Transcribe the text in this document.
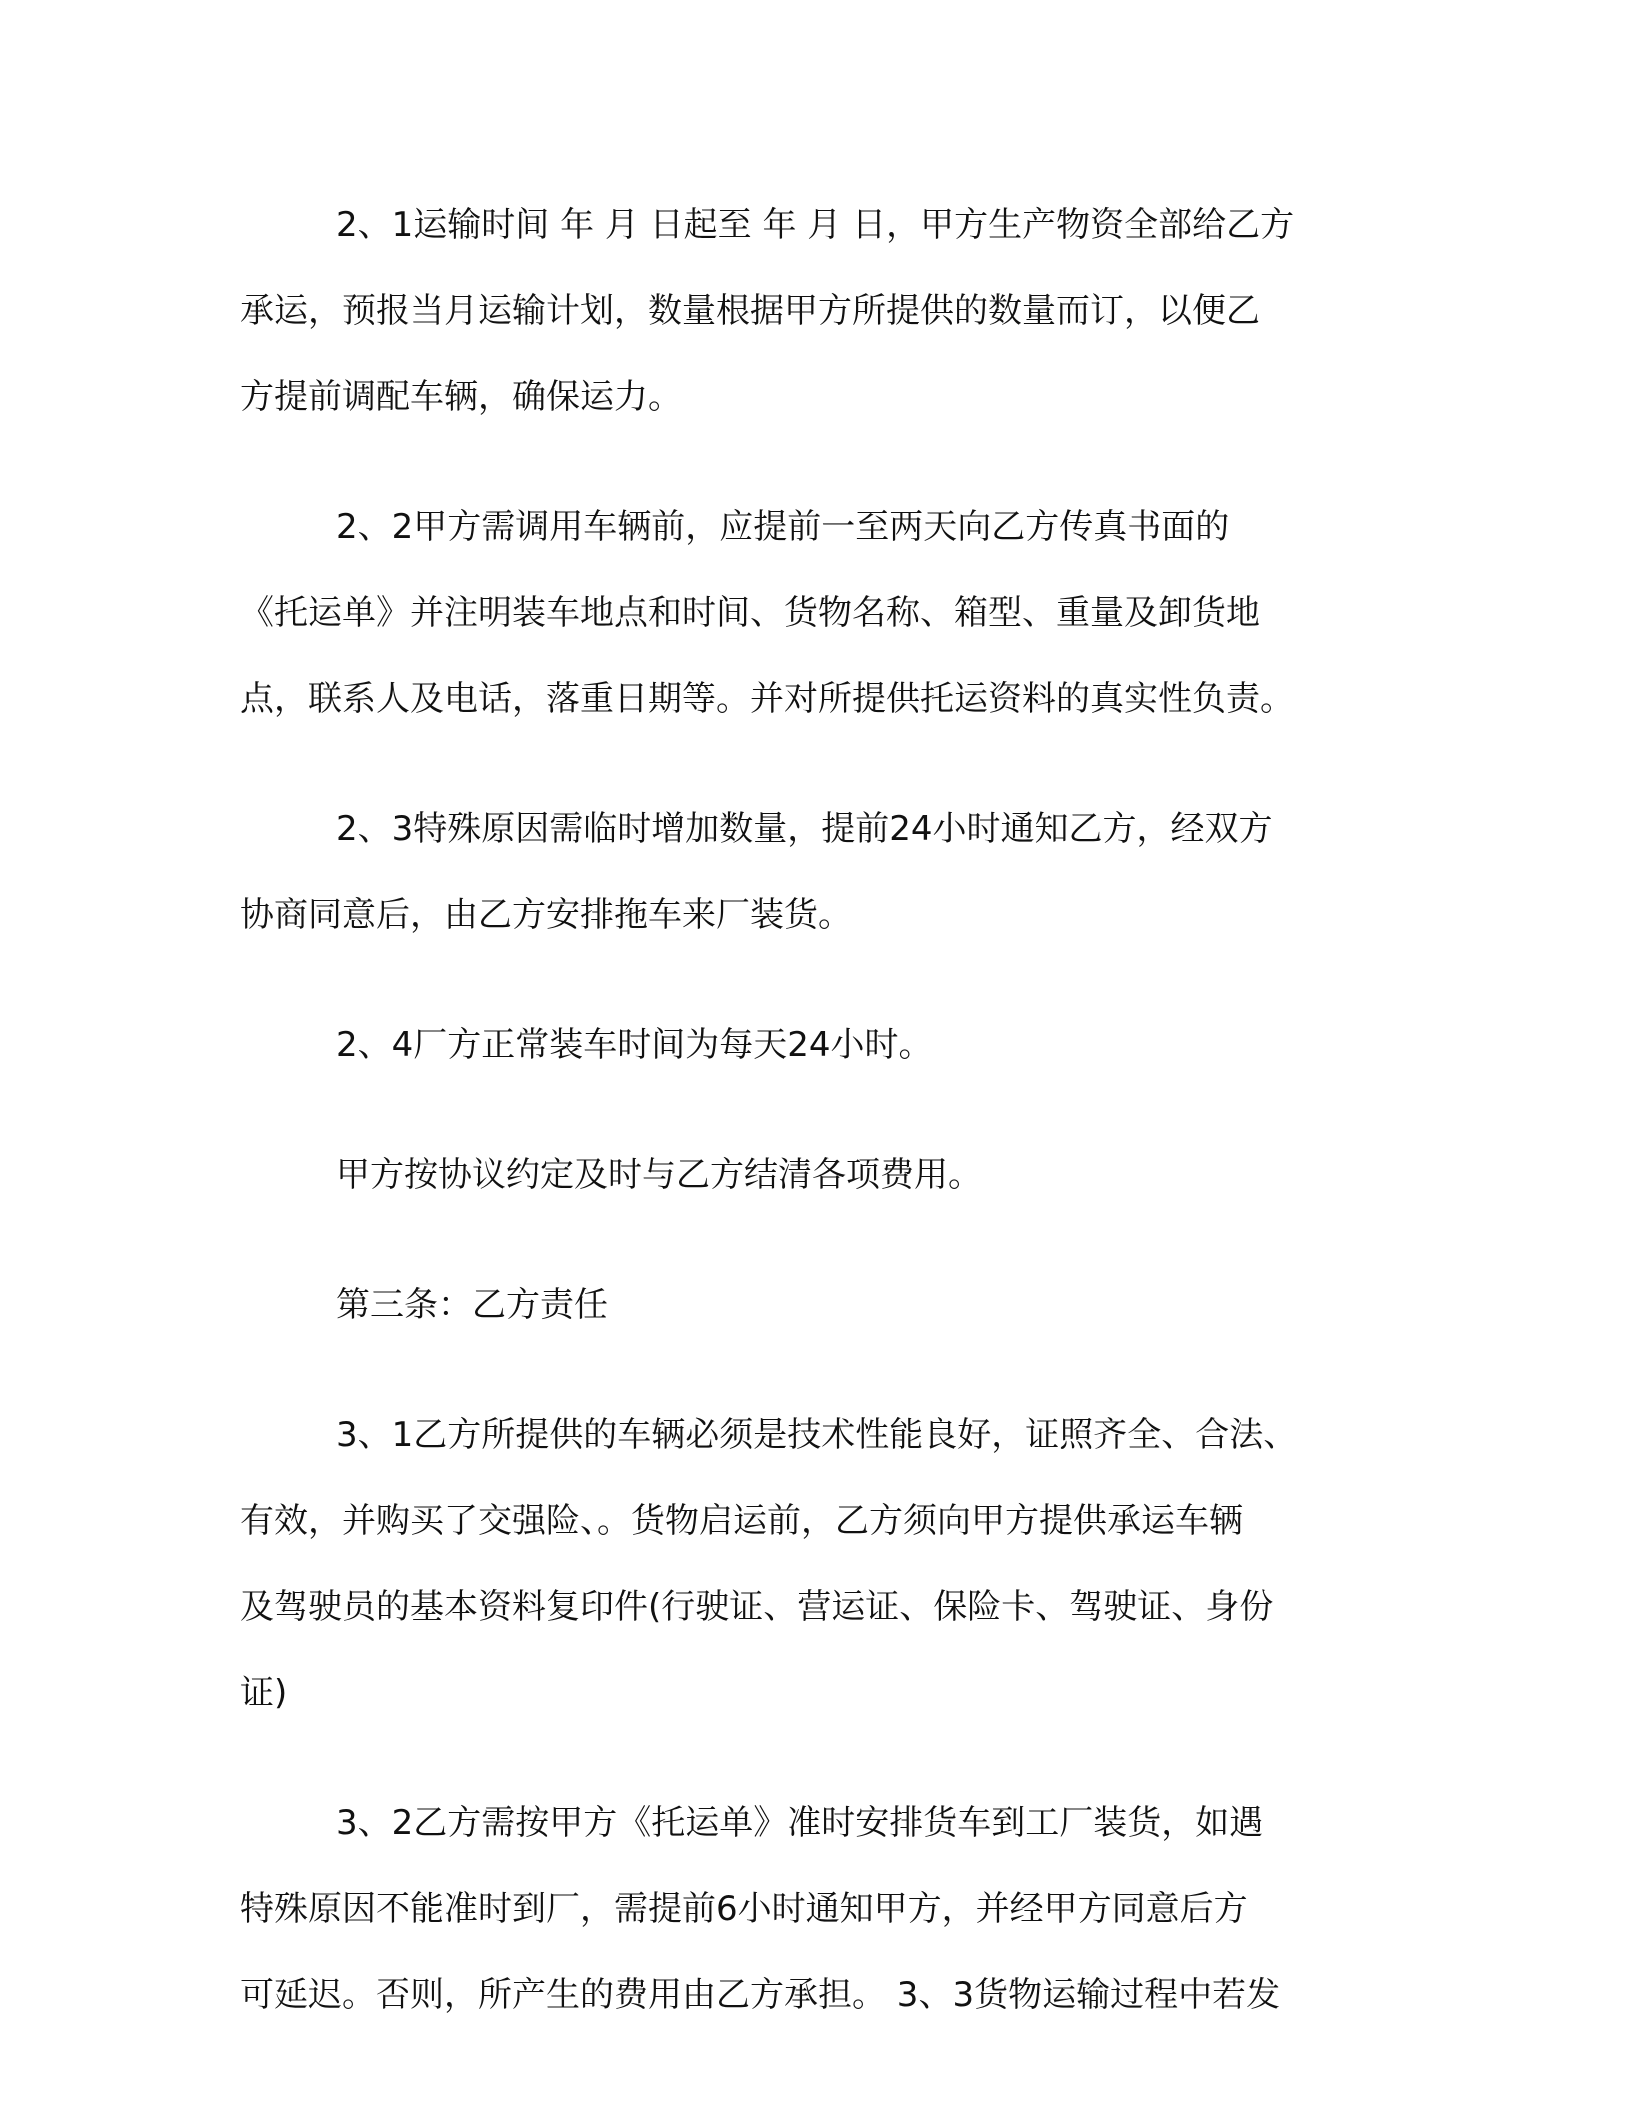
2、1运输时间 年 月 日起至 年 月 日，甲方生产物资全部给乙方
承运，预报当月运输计划，数量根据甲方所提供的数量而订，以便乙
方提前调配车辆，确保运力。
2、2甲方需调用车辆前，应提前一至两天向乙方传真书面的
《托运单》并注明装车地点和时间、货物名称、箱型、重量及卸货地
点，联系人及电话，落重日期等。并对所提供托运资料的真实性负责。
2、3特殊原因需临时增加数量，提前24小时通知乙方，经双方
协商同意后，由乙方安排拖车来厂装货。
2、4厂方正常装车时间为每天24小时。
甲方按协议约定及时与乙方结清各项费用。
第三条：乙方责任
3、1乙方所提供的车辆必须是技术性能良好，证照齐全、合法、
有效，并购买了交强险、。货物启运前，乙方须向甲方提供承运车辆
及驾驶员的基本资料复印件(行驶证、营运证、保险卡、驾驶证、身份
证)
3、2乙方需按甲方《托运单》准时安排货车到工厂装货，如遇
特殊原因不能准时到厂，需提前6小时通知甲方，并经甲方同意后方
可延迟。否则，所产生的费用由乙方承担。 3、3货物运输过程中若发
